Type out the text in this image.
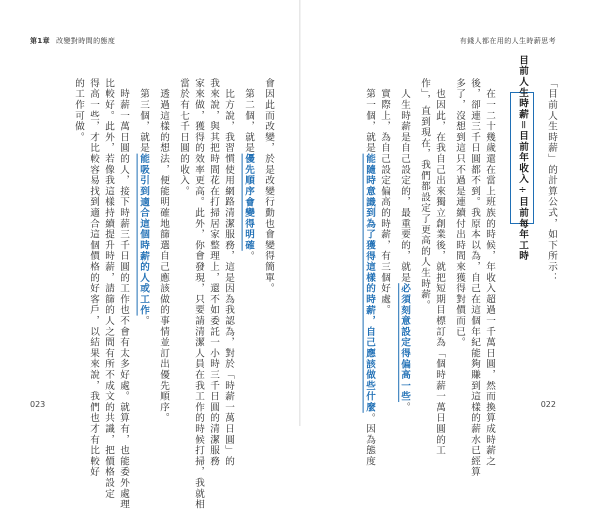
第1章 改變對時間的態度	有錢人都在用的人生時薪思考
「目前人生時薪」的計算公式，如下所示：
目前人生時薪＝目前年收入÷目前每年工時
　在一二十幾歲還在當上班族的時候，年收入超過一千萬日圓，然而換算成時薪之
後，卻連三千日圓都不到。我原本以為，自己在這個年紀能夠賺到這樣的薪水已經算
多了，沒想到這只不過是連續付出時間來獲得對價而已。
　也因此，在我自己出來獨立創業後，就把短期目標訂為「個時薪一萬日圓的工
作」，直到現在，我們都設定了更高的人生時薪。
　人生時薪是自己設定的，最重要的，就是必須刻意設定得偏高一些。
　實際上，為自己設定偏高的時薪，有三個好處。
　第一個，就是能隨時意識到為了獲得這樣的時薪，自己應該做些什麼。因為態度
會因此而改變，於是改變行動也會變得簡單。
　第二個，就是優先順序會變得明確。
　比方說，我習慣使用網路清潔服務，這是因為我認為，對於「時薪一萬日圓」的
我來說，與其把時間花在打掃居家整理上，還不如委託一小時三千日圓的清潔服務
家來做，獲得的效率更高。此外，你會發現，只要請清潔人員在我工作的時候打掃，我就相
當於有七千日圓的收入。
　透過這樣的想法，便能明確地篩選自己應該做的事情並訂出優先順序。
　第三個，就是能吸引到適合這個時薪的人或工作。
　時薪一萬日圓的人，接下時薪三千日圓的工作也不會有太多好處。就算有，也能委外處理
比較好。此外，若像我這樣持續提升時薪，請篩的人之間有所不成文的共識，把價格設定
得高一些，才比較容易找到適合這個價格的好客戶，以結果來說，我們也才有比較好
的工作可做。
023	022
